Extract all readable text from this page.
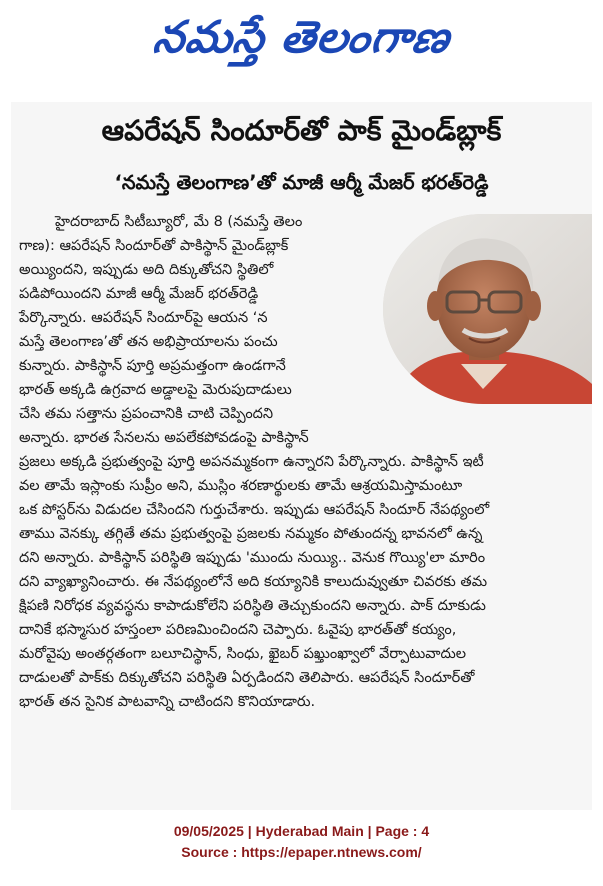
నమస్తే తెలంగాణ
ఆపరేషన్ సిందూర్‌తో పాక్ మైండ్‌బ్లాక్
‘నమస్తే తెలంగాణ’తో మాజీ ఆర్మీ మేజర్ భరత్‌రెడ్డి
హైదరాబాద్ సిటీబ్యూరో, మే 8 (నమస్తే తెలం
గాణ): ఆపరేషన్ సిందూర్‌తో పాకిస్థాన్ మైండ్‌బ్లాక్
అయ్యిందని, ఇప్పుడు అది దిక్కుతోచని స్థితిలో
పడిపోయిందని మాజీ ఆర్మీ మేజర్ భరత్‌రెడ్డి
పేర్కొన్నారు. ఆపరేషన్ సిందూర్‌పై ఆయన ‘న
మస్తే తెలంగాణ’తో తన అభిప్రాయాలను పంచు
కున్నారు. పాకిస్థాన్ పూర్తి అప్రమత్తంగా ఉండగానే
భారత్ అక్కడి ఉగ్రవాద అడ్డాలపై మెరుపుదాడులు
చేసి తమ సత్తాను ప్రపంచానికి చాటి చెప్పిందని
అన్నారు. భారత సేనలను అపలేకపోవడంపై పాకిస్థాన్
ప్రజలు అక్కడి ప్రభుత్వంపై పూర్తి అపనమ్మకంగా ఉన్నారని పేర్కొన్నారు. పాకిస్థాన్ ఇటీ
వల తామే ఇస్లాంకు సుప్రీం అని, ముస్లిం శరణార్థులకు తామే ఆశ్రయమిస్తామంటూ
ఒక పోస్టర్‌ను విడుదల చేసిందని గుర్తుచేశారు. ఇప్పుడు ఆపరేషన్ సిందూర్ నేపథ్యంలో
తాము వెనక్కు తగ్గితే తమ ప్రభుత్వంపై ప్రజలకు నమ్మకం పోతుందన్న భావనలో ఉన్న
దని అన్నారు. పాకిస్థాన్ పరిస్థితి ఇప్పుడు 'ముందు నుయ్యి.. వెనుక గొయ్యి'లా మారిం
దని వ్యాఖ్యానించారు. ఈ నేపథ్యంలోనే అది కయ్యానికి కాలుదువ్వుతూ చివరకు తమ
క్షిపణి నిరోధక వ్యవస్థను కాపాడుకోలేని పరిస్థితి తెచ్చుకుందని అన్నారు. పాక్ దూకుడు
దానికే భస్మాసుర హస్తంలా పరిణమించిందని చెప్పారు. ఓవైపు భారత్‌తో కయ్యం,
మరోవైపు అంతర్గతంగా బలూచిస్థాన్, సింధు, ఖైబర్ పఖ్తుంఖ్వాలో వేర్పాటువాదుల
దాడులతో పాక్‌కు దిక్కుతోచని పరిస్థితి ఏర్పడిందని తెలిపారు. ఆపరేషన్ సిందూర్‌తో
భారత్ తన సైనిక పాటవాన్ని చాటిందని కొనియాడారు.
09/05/2025 | Hyderabad Main | Page : 4
Source : https://epaper.ntnews.com/
